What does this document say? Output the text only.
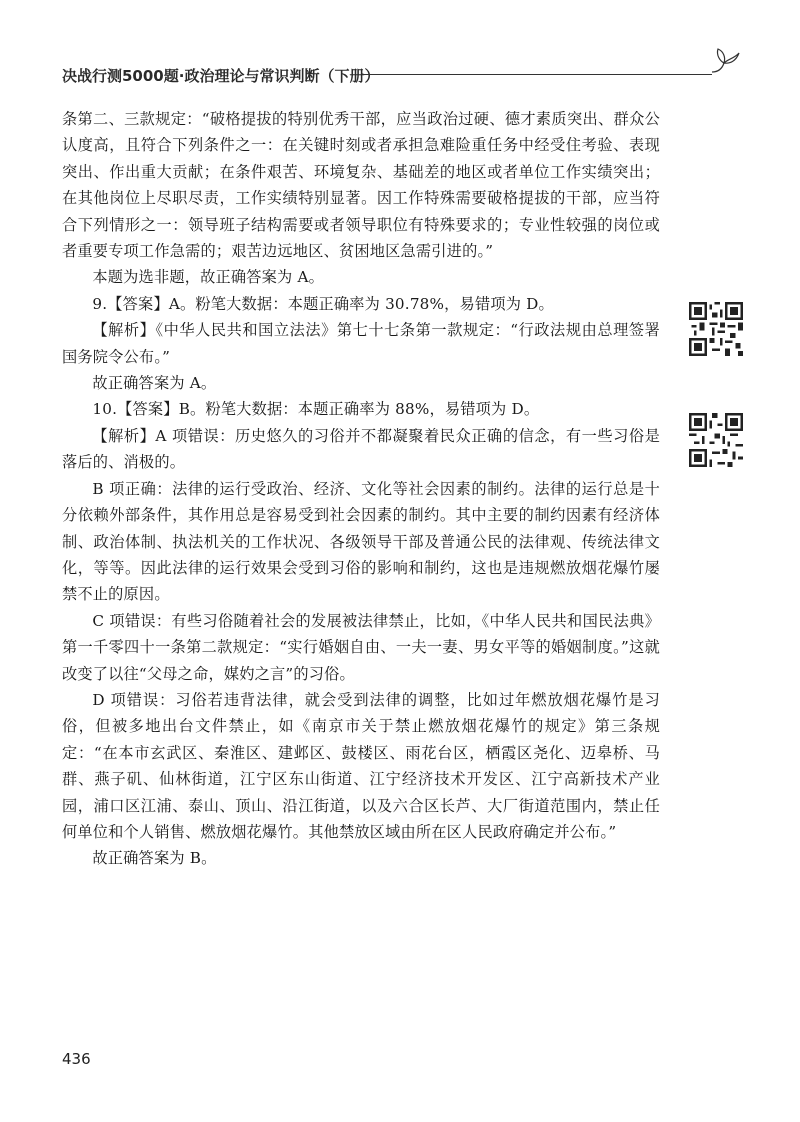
决战行测5000题·政治理论与常识判断（下册）

条第二、三款规定：“破格提拔的特别优秀干部，应当政治过硬、德才素质突出、群众公认度高，且符合下列条件之一：在关键时刻或者承担急难险重任务中经受住考验、表现突出、作出重大贡献；在条件艰苦、环境复杂、基础差的地区或者单位工作实绩突出；在其他岗位上尽职尽责，工作实绩特别显著。因工作特殊需要破格提拔的干部，应当符合下列情形之一：领导班子结构需要或者领导职位有特殊要求的；专业性较强的岗位或者重要专项工作急需的；艰苦边远地区、贫困地区急需引进的。”

本题为选非题，故正确答案为 A。

9.【答案】A。粉笔大数据：本题正确率为 30.78%，易错项为 D。

【解析】《中华人民共和国立法法》第七十七条第一款规定：“行政法规由总理签署国务院令公布。”

故正确答案为 A。

10.【答案】B。粉笔大数据：本题正确率为 88%，易错项为 D。

【解析】A 项错误：历史悠久的习俗并不都凝聚着民众正确的信念，有一些习俗是落后的、消极的。

B 项正确：法律的运行受政治、经济、文化等社会因素的制约。法律的运行总是十分依赖外部条件，其作用总是容易受到社会因素的制约。其中主要的制约因素有经济体制、政治体制、执法机关的工作状况、各级领导干部及普通公民的法律观、传统法律文化，等等。因此法律的运行效果会受到习俗的影响和制约，这也是违规燃放烟花爆竹屡禁不止的原因。

C 项错误：有些习俗随着社会的发展被法律禁止，比如，《中华人民共和国民法典》第一千零四十一条第二款规定：“实行婚姻自由、一夫一妻、男女平等的婚姻制度。”这就改变了以往“父母之命，媒妁之言”的习俗。

D 项错误：习俗若违背法律，就会受到法律的调整，比如过年燃放烟花爆竹是习俗，但被多地出台文件禁止，如《南京市关于禁止燃放烟花爆竹的规定》第三条规定：“在本市玄武区、秦淮区、建邺区、鼓楼区、雨花台区，栖霞区尧化、迈皋桥、马群、燕子矶、仙林街道，江宁区东山街道、江宁经济技术开发区、江宁高新技术产业园，浦口区江浦、泰山、顶山、沿江街道，以及六合区长芦、大厂街道范围内，禁止任何单位和个人销售、燃放烟花爆竹。其他禁放区域由所在区人民政府确定并公布。”

故正确答案为 B。

436
